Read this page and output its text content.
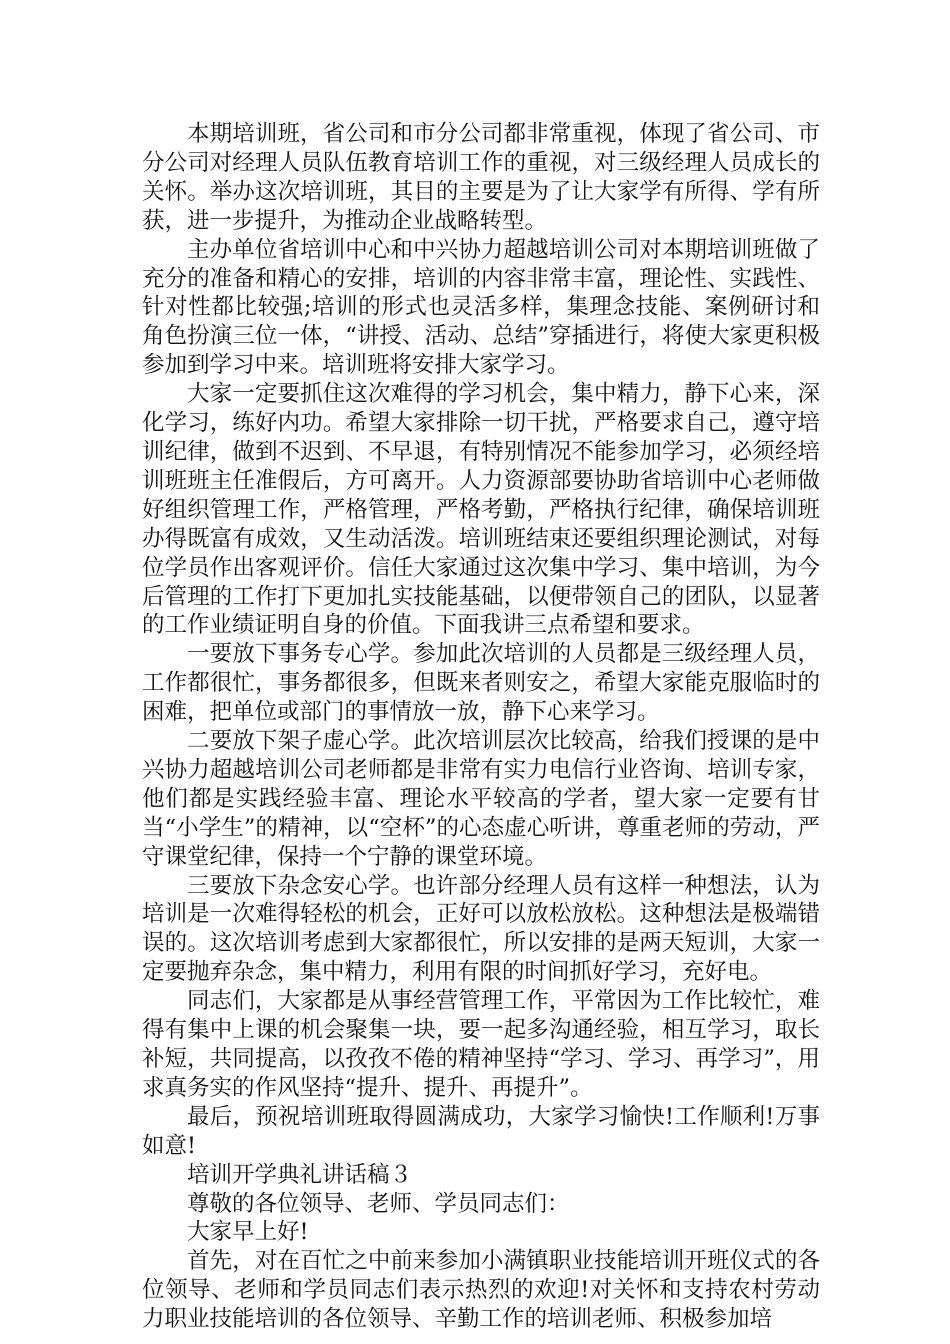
本期培训班，省公司和市分公司都非常重视，体现了省公司、市分公司对经理人员队伍教育培训工作的重视，对三级经理人员成长的关怀。举办这次培训班，其目的主要是为了让大家学有所得、学有所获，进一步提升，为推动企业战略转型。

主办单位省培训中心和中兴协力超越培训公司对本期培训班做了充分的准备和精心的安排，培训的内容非常丰富，理论性、实践性、针对性都比较强;培训的形式也灵活多样，集理念技能、案例研讨和角色扮演三位一体，“讲授、活动、总结”穿插进行，将使大家更积极参加到学习中来。培训班将安排大家学习。

大家一定要抓住这次难得的学习机会，集中精力，静下心来，深化学习，练好内功。希望大家排除一切干扰，严格要求自己，遵守培训纪律，做到不迟到、不早退，有特别情况不能参加学习，必须经培训班班主任准假后，方可离开。人力资源部要协助省培训中心老师做好组织管理工作，严格管理，严格考勤，严格执行纪律，确保培训班办得既富有成效，又生动活泼。培训班结束还要组织理论测试，对每位学员作出客观评价。信任大家通过这次集中学习、集中培训，为今后管理的工作打下更加扎实技能基础，以便带领自己的团队，以显著的工作业绩证明自身的价值。下面我讲三点希望和要求。

一要放下事务专心学。参加此次培训的人员都是三级经理人员，工作都很忙，事务都很多，但既来者则安之，希望大家能克服临时的困难，把单位或部门的事情放一放，静下心来学习。

二要放下架子虚心学。此次培训层次比较高，给我们授课的是中兴协力超越培训公司老师都是非常有实力电信行业咨询、培训专家，他们都是实践经验丰富、理论水平较高的学者，望大家一定要有甘当“小学生”的精神，以“空杯”的心态虚心听讲，尊重老师的劳动，严守课堂纪律，保持一个宁静的课堂环境。

三要放下杂念安心学。也许部分经理人员有这样一种想法，认为培训是一次难得轻松的机会，正好可以放松放松。这种想法是极端错误的。这次培训考虑到大家都很忙，所以安排的是两天短训，大家一定要抛弃杂念，集中精力，利用有限的时间抓好学习，充好电。

同志们，大家都是从事经营管理工作，平常因为工作比较忙，难得有集中上课的机会聚集一块，要一起多沟通经验，相互学习，取长补短，共同提高，以孜孜不倦的精神坚持“学习、学习、再学习”，用求真务实的作风坚持“提升、提升、再提升”。

最后，预祝培训班取得圆满成功，大家学习愉快!工作顺利!万事如意!

培训开学典礼讲话稿３

尊敬的各位领导、老师、学员同志们：

大家早上好!

首先，对在百忙之中前来参加小满镇职业技能培训开班仪式的各位领导、老师和学员同志们表示热烈的欢迎!对关怀和支持农村劳动力职业技能培训的各位领导、辛勤工作的培训老师、积极参加培
